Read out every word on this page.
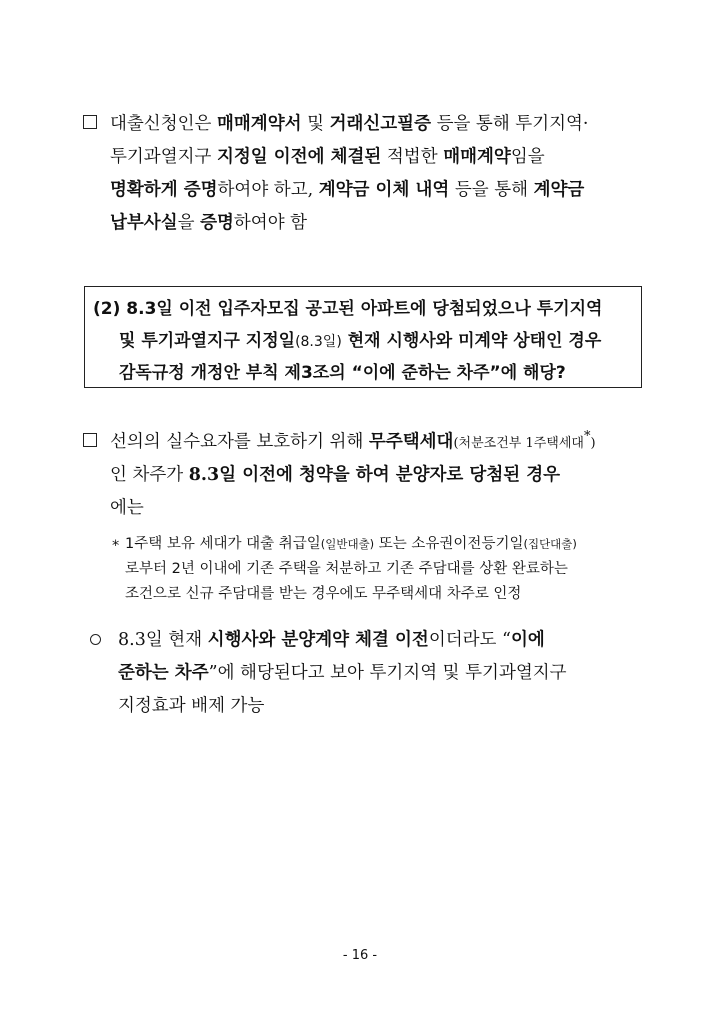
대출신청인은 매매계약서 및 거래신고필증 등을 통해 투기지역·
투기과열지구 지정일 이전에 체결된 적법한 매매계약임을
명확하게 증명하여야 하고, 계약금 이체 내역 등을 통해 계약금
납부사실을 증명하여야 함
(2) 8.3일 이전 입주자모집 공고된 아파트에 당첨되었으나 투기지역
및 투기과열지구 지정일(8.3일) 현재 시행사와 미계약 상태인 경우
감독규정 개정안 부칙 제3조의 “이에 준하는 차주”에 해당?
선의의 실수요자를 보호하기 위해 무주택세대(처분조건부 1주택세대*)
인 차주가 8.3일 이전에 청약을 하여 분양자로 당첨된 경우
에는
* 1주택 보유 세대가 대출 취급일(일반대출) 또는 소유권이전등기일(집단대출)
로부터 2년 이내에 기존 주택을 처분하고 기존 주담대를 상환 완료하는
조건으로 신규 주담대를 받는 경우에도 무주택세대 차주로 인정
8.3일 현재 시행사와 분양계약 체결 이전이더라도 “이에
준하는 차주”에 해당된다고 보아 투기지역 및 투기과열지구
지정효과 배제 가능
- 16 -
